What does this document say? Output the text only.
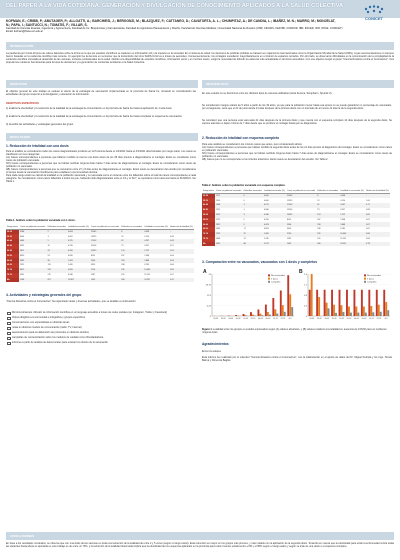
DEL PAPER A LA VIDA COTIDIANA. GENERACIÓN Y DIVULGACIÓN DE CONOCIMIENTO APLICADOS A LA SALUD COLECTIVA
CONICET
KOFMAN, E.; CRIBB, P.; ABUTAGER, P.; ALLOATTI, A.; BARCHIESI, J.; BERGONZI, M.; BLAZQUEZ, F.; CATTANEO, D.; CAVATORTA, A. L.; CHUMPITAZ, A.; DE CANDIA, L.; IBAÑEZ, M. N.; MARRO, M.; MONJELAT, N.; PAPA, I.; SANTUCCI, N.; TOMATIS, F.; VILLAR, S.
Facultad de Ciencias Exactas, Ingeniería y Agrimensura, Facultad de Cs. Bioquímicas y Farmacéuticas, Facultad de Agricultura Planeamiento y Diseño, Facultad de Ciencias Médicas, Universidad Nacional de Rosario (UNR; CIFASIS, CEFOBI, CURDUR, IBR, IDICER, IFIR, IRICE- CONICET)
Email: kofman@fceia.unr.edu.ar
INTRODUCCIÓN
La pandemia por Covid-19 puso de relieve falencias sobre la forma en la que los estudios científicos se traducen en información útil y de impacto en la sociedad. En el sistema de salud, los decisores de políticas públicas se basaron en organismos internacionales como la Organización Mundial de la Salud (OMS), cuyas recomendaciones no siempre fueron basadas en la evidencia científica más reciente. Un ejemplo fue la demora en reconocer que la transmisión del virus SARS-CoV2 es a través de aerosoles. Consecuentemente, los contagios sucedieron mayoritariamente en el interior de espacios cerrados. Por otro lado, se observaron dificultades en la comunicación de la complejidad de la evidencia científica vinculada al desarrollo de las vacunas, inclusive profesionales de la salud. Debido a la disponibilidad de estudios científicos, información veraz y en muchos casos, surgió la necesidad de difundir la evidencia más actualizada en términos accesibles. Con ese objetivo surgió el grupo "Ciencia Rosarina contra el Coronavirus". Nos propusimos mantener herramientas para la toma de decisiones y la generación de conductas tendientes a la Salud Colectiva.
OBJETIVOS
El objetivo general de este trabajo es evaluar el efecto de la estrategia de vacunación implementada en la provincia de Santa Fe, tomando en consideración las actividades del grupo respecto a la divulgación y educación de información.
OBJETIVOS ESPECÍFICOS
1) analizar la efectividad y la reducción de la letalidad de la estrategia de inmunización en la provincia de Santa Fe hasta la aplicación de 1 sola dosis.
2) analizar la efectividad y la reducción de la letalidad de la estrategia de inmunización en la provincia de Santa Fe hasta completar el esquema de vacunación.
3) describir las actividades y estrategias generales del grupo.
METODOLOGÍA
En este estudio no se discriminó entre los distintos tipos de vacunas utilizadas (Astra Zeneca, Sinopharm, Sputnik V).
Se consideraron rangos etarios de 5 años a partir de los 30 años, ya que para la población menor hasta esa época no se puede garantizar un porcentaje de vacunados, por consiguiente, sería que el 21 de junio desde 21 días después de la primera dosis con un intervalo de al menos 21 días la de la segunda dosis.
Se consideró que una persona está vacunada 21 días después de la primera dosis y que cuenta con el esquema completo 14 días después de la segunda dosis. Se supone además un lapso mínimo de 7 días desde que se produce el contagio hasta que se diagnostica.
RESULTADOS
1. Reducción de letalidad con una dosis
Para el análisis se consideraron todos los casos diagnosticados positivos en la Provincia desde el 1/4/2021 hasta el 3/1/2021 discriminados por rango etario. Los casos se clasificaron en tres categorías:
A1) Casos correspondientes a personas que fallaron recibido al menos una dosis antes de los 28 días previos a diagnosticarse el contagio. Estos se consideran como casos de población vacunada.
NO) Casos correspondientes a personas que no habían recibido ninguna dosis hasta 7 días antes de diagnosticarse el contagio. Estos se consideraron como casos de población no vacunada.
AB) Casos correspondientes a personas que se vacunaron entre 27 y 8 días antes de diagnosticarse el contagio. Estos casos se descartaron del estudio por considerarse el tiempo desde la vacunación insuficiente para establecer una inmunidad efectiva.
Para cada rango etario se calculó la letalidad en la población vacunada y no vacunada como el cociente entre los fallecidos sobre el total de casos correspondiente a cada categoría. Se consideraron como casos fallecidos a todos los que, habiendo sido diagnosticados entre el 1/4 y el 31/7, se reportaron como decesos hasta el 31/8/2021. Ver Tabla 1.
Tabla 1. Análisis sobre la población vacunada con 1 dosis.
Rango etario	Casos en población vacunada	Fallecidos vacunados	Letalidad vacunados (%)	Casos en población no vacunada	Fallecidos no vacunados	Letalidad no vacunados (%)	Reducción de letalidad (%)
30-34	3188	2	0.063	21045	8	0.038	-
35-39	3456	3	0.087	19235	23	0.120	0.28
40-44	4008	5	0.125	17002	42	0.247	0.49
45-49	5023	12	0.239	13104	73	0.557	0.57
50-54	5811	29	0.499	10235	124	1.212	0.59
55-59	6420	53	0.826	8101	187	2.308	0.64
60-64	6985	98	1.403	5946	230	3.868	0.64
65-69	7025	170	2.420	3655	248	6.785	0.64
70-74	6012	241	4.009	2120	226	10.660	0.62
75-79	4201	275	6.546	1287	195	15.152	0.57
80+	5108	657	12.862	1402	340	24.251	0.47
4. Actividades y estrategias generales del grupo
"Ciencia Rosarina contra el Coronavirus" ha organizado varias y diversas actividades, que se detallan a continuación:
Micromovimientos: difusión de información científica en un lenguaje accesible a través de redes sociales (en Instagram, Twitter y Facebook)
Videos dirigidos a la comunidad e infografías y grupos específicos
conversaciones con especialistas en distintas áreas
notas en distintos medios de comunicación (radio, TV, Internet)
asesoramiento para la elaboración de protocolos en distintos ámbitos
campañas de concientización sobre los modelos de cuidado como #Cuidadoahora
informes a partir de análisis de datos locales para evaluar los efectos de la vacunación
2. Reducción de letalidad con esquema completo
Para este análisis se consideraron los mismos casos que antes, pero considerando ahora:
A1) Casos correspondientes a personas que habían recibido la segunda dosis antes de los 21 días previos al diagnóstico del contagio. Estos se consideraron como casos en población vacunada.
NO) Casos correspondientes a personas que no habían recibido ninguna dosis hasta 7 días antes de diagnosticarse el contagio. Estos se consideraron como casos de población no vacunada.
AB) Casos que no se corresponden a los criterios anteriores. Estos casos se descartaron del estudio. Ver Tabla 2.
Tabla 2. Análisis sobre la población vacunada con esquema completo.
Rango etario	Casos en población vacunada	Fallecidos vacunados	Letalidad vacunados (%)	Casos en población no vacunada	Fallecidos no vacunados	Letalidad no vacunados (%)	Reducción de letalidad (%)
30-34	1211	0	0.000	21045	8	0.038	-
35-39	1310	0	0.000	19235	23	0.120	1.00
40-44	1408	1	0.071	17002	42	0.247	0.71
45-49	1512	1	0.066	13104	73	0.557	0.88
50-54	1615	3	0.186	10235	124	1.212	0.85
55-59	1722	5	0.290	8101	187	2.308	0.87
60-64	1825	9	0.493	5946	230	3.868	0.87
65-69	1903	17	0.893	3655	248	6.785	0.87
70-74	1702	25	1.469	2120	226	10.660	0.86
75-79	1498	37	2.470	1287	195	15.152	0.84
80+	1655	88	5.317	1402	340	24.251	0.78
3. Comparación entre no vacunados, vacunados con 1 dosis y completos
A
0
6.25
12.5
18.75
25
30-34 35-39 40-44 45-49 50-54 55-59 60-64 65-69 70-74 75-79 80+
No vacunados
1 dosis
Completo
B
0
0.4
0.8
1.2
1.6
30-34 35-39 40-44 45-49 50-54 55-59 60-64 65-69 70-74 75-79 80+
No vacunados
1 dosis
Completo
Figura 1. Letalidad entre los grupos en estudio expresados según (A) valores absolutos, y (B) valores relativos a la letalidad en ausencia de COVID para no recibieron ninguna dosis.
Agradecimientos
Entre los autores
Esta informe fue realizado por el colectivo "Ciencia Rosarina contra el Coronavirus", con la colaboración en el aporte de datos del Dr. Miguel Pedrola y los Ings. Tomás Baima y Florencia Bagliet.
CONCLUSIONES
En base a los resultados mostrados, se observa que con una dosis de las vacunas en toda una reducción de la letalidad de entre 2 y 5 veces (según el rango etario). Esta reducción es mayor en los grupos más jóvenes, y más notable con la aplicación de la segunda dosis. Teniendo en cuenta que la efectividad para evitar la enfermedad contra todas las variantes hasta ahora es aportada en este trabajo es de entre un 70%, y la reducción de la letalidad observada implica que la efectividad de los esquemas aplicados en la provincia para evitar muertes estaba entre el 80 y el 95% según el rango etario y según se trate de una dosis o el esquema completo.
